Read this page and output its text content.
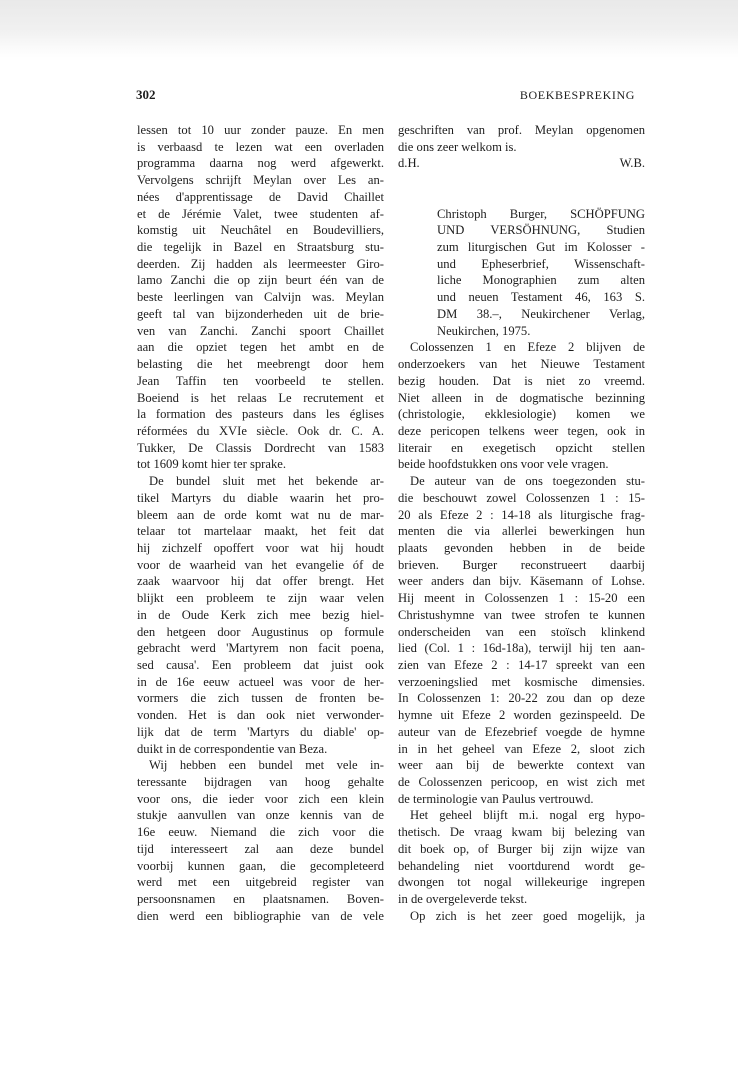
302	BOEKBESPREKING
lessen tot 10 uur zonder pauze. En men
is verbaasd te lezen wat een overladen
programma daarna nog werd afgewerkt.
Vervolgens schrijft Meylan over Les an-
nées d'apprentissage de David Chaillet
et de Jérémie Valet, twee studenten af-
komstig uit Neuchâtel en Boudevilliers,
die tegelijk in Bazel en Straatsburg stu-
deerden. Zij hadden als leermeester Giro-
lamo Zanchi die op zijn beurt één van de
beste leerlingen van Calvijn was. Meylan
geeft tal van bijzonderheden uit de brie-
ven van Zanchi. Zanchi spoort Chaillet
aan die opziet tegen het ambt en de
belasting die het meebrengt door hem
Jean Taffin ten voorbeeld te stellen.
Boeiend is het relaas Le recrutement et
la formation des pasteurs dans les églises
réformées du XVIe siècle. Ook dr. C. A.
Tukker, De Classis Dordrecht van 1583
tot 1609 komt hier ter sprake.
De bundel sluit met het bekende ar-
tikel Martyrs du diable waarin het pro-
bleem aan de orde komt wat nu de mar-
telaar tot martelaar maakt, het feit dat
hij zichzelf opoffert voor wat hij houdt
voor de waarheid van het evangelie óf de
zaak waarvoor hij dat offer brengt. Het
blijkt een probleem te zijn waar velen
in de Oude Kerk zich mee bezig hiel-
den hetgeen door Augustinus op formule
gebracht werd 'Martyrem non facit poena,
sed causa'. Een probleem dat juist ook
in de 16e eeuw actueel was voor de her-
vormers die zich tussen de fronten be-
vonden. Het is dan ook niet verwonder-
lijk dat de term 'Martyrs du diable' op-
duikt in de correspondentie van Beza.
Wij hebben een bundel met vele in-
teressante bijdragen van hoog gehalte
voor ons, die ieder voor zich een klein
stukje aanvullen van onze kennis van de
16e eeuw. Niemand die zich voor die
tijd interesseert zal aan deze bundel
voorbij kunnen gaan, die gecompleteerd
werd met een uitgebreid register van
persoonsnamen en plaatsnamen. Boven-
dien werd een bibliographie van de vele
geschriften van prof. Meylan opgenomen
die ons zeer welkom is.
d.H.	W.B.
Christoph Burger, SCHÖPFUNG
UND VERSÖHNUNG, Studien
zum liturgischen Gut im Kolosser -
und Epheserbrief, Wissenschaft-
liche Monographien zum alten
und neuen Testament 46, 163 S.
DM 38.–, Neukirchener Verlag,
Neukirchen, 1975.
Colossenzen 1 en Efeze 2 blijven de
onderzoekers van het Nieuwe Testament
bezig houden. Dat is niet zo vreemd.
Niet alleen in de dogmatische bezinning
(christologie, ekklesiologie) komen we
deze pericopen telkens weer tegen, ook in
literair en exegetisch opzicht stellen
beide hoofdstukken ons voor vele vragen.
De auteur van de ons toegezonden stu-
die beschouwt zowel Colossenzen 1 : 15-
20 als Efeze 2 : 14-18 als liturgische frag-
menten die via allerlei bewerkingen hun
plaats gevonden hebben in de beide
brieven. Burger reconstrueert daarbij
weer anders dan bijv. Käsemann of Lohse.
Hij meent in Colossenzen 1 : 15-20 een
Christushymne van twee strofen te kunnen
onderscheiden van een stoïsch klinkend
lied (Col. 1 : 16d-18a), terwijl hij ten aan-
zien van Efeze 2 : 14-17 spreekt van een
verzoeningslied met kosmische dimensies.
In Colossenzen 1: 20-22 zou dan op deze
hymne uit Efeze 2 worden gezinspeeld. De
auteur van de Efezebrief voegde de hymne
in in het geheel van Efeze 2, sloot zich
weer aan bij de bewerkte context van
de Colossenzen pericoop, en wist zich met
de terminologie van Paulus vertrouwd.
Het geheel blijft m.i. nogal erg hypo-
thetisch. De vraag kwam bij belezing van
dit boek op, of Burger bij zijn wijze van
behandeling niet voortdurend wordt ge-
dwongen tot nogal willekeurige ingrepen
in de overgeleverde tekst.
Op zich is het zeer goed mogelijk, ja
